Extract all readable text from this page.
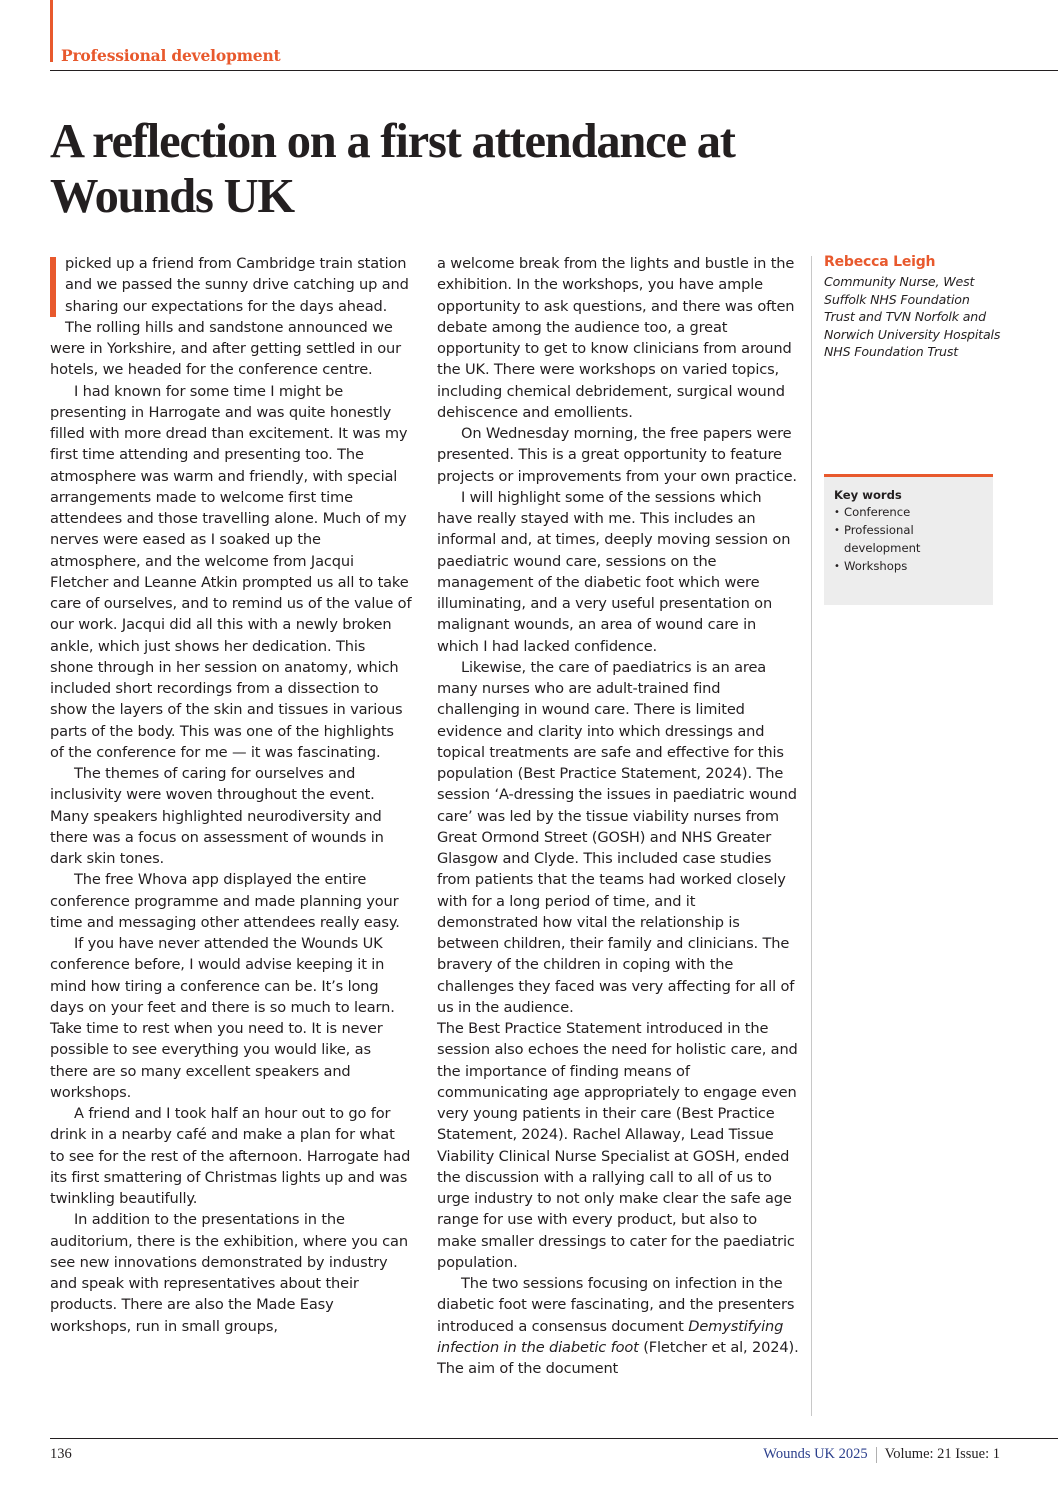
Professional development
A reflection on a first attendance at Wounds UK

picked up a friend from Cambridge train station and we passed the sunny drive catching up and sharing our expectations for the days ahead. The rolling hills and sandstone announced we were in Yorkshire, and after getting settled in our hotels, we headed for the conference centre.

I had known for some time I might be presenting in Harrogate and was quite honestly filled with more dread than excitement. It was my first time attending and presenting too. The atmosphere was warm and friendly, with special arrangements made to welcome first time attendees and those travelling alone. Much of my nerves were eased as I soaked up the atmosphere, and the welcome from Jacqui Fletcher and Leanne Atkin prompted us all to take care of ourselves, and to remind us of the value of our work. Jacqui did all this with a newly broken ankle, which just shows her dedication. This shone through in her session on anatomy, which included short recordings from a dissection to show the layers of the skin and tissues in various parts of the body. This was one of the highlights of the conference for me — it was fascinating.

The themes of caring for ourselves and inclusivity were woven throughout the event. Many speakers highlighted neurodiversity and there was a focus on assessment of wounds in dark skin tones.

The free Whova app displayed the entire conference programme and made planning your time and messaging other attendees really easy.

If you have never attended the Wounds UK conference before, I would advise keeping it in mind how tiring a conference can be. It’s long days on your feet and there is so much to learn. Take time to rest when you need to. It is never possible to see everything you would like, as there are so many excellent speakers and workshops.

A friend and I took half an hour out to go for drink in a nearby café and make a plan for what to see for the rest of the afternoon. Harrogate had its first smattering of Christmas lights up and was twinkling beautifully.

In addition to the presentations in the auditorium, there is the exhibition, where you can see new innovations demonstrated by industry and speak with representatives about their products. There are also the Made Easy workshops, run in small groups,

a welcome break from the lights and bustle in the exhibition. In the workshops, you have ample opportunity to ask questions, and there was often debate among the audience too, a great opportunity to get to know clinicians from around the UK. There were workshops on varied topics, including chemical debridement, surgical wound dehiscence and emollients.

On Wednesday morning, the free papers were presented. This is a great opportunity to feature projects or improvements from your own practice.

I will highlight some of the sessions which have really stayed with me. This includes an informal and, at times, deeply moving session on paediatric wound care, sessions on the management of the diabetic foot which were illuminating, and a very useful presentation on malignant wounds, an area of wound care in which I had lacked confidence.

Likewise, the care of paediatrics is an area many nurses who are adult-trained find challenging in wound care. There is limited evidence and clarity into which dressings and topical treatments are safe and effective for this population (Best Practice Statement, 2024). The session ‘A-dressing the issues in paediatric wound care’ was led by the tissue viability nurses from Great Ormond Street (GOSH) and NHS Greater Glasgow and Clyde. This included case studies from patients that the teams had worked closely with for a long period of time, and it demonstrated how vital the relationship is between children, their family and clinicians. The bravery of the children in coping with the challenges they faced was very affecting for all of us in the audience.

The Best Practice Statement introduced in the session also echoes the need for holistic care, and the importance of finding means of communicating age appropriately to engage even very young patients in their care (Best Practice Statement, 2024). Rachel Allaway, Lead Tissue Viability Clinical Nurse Specialist at GOSH, ended the discussion with a rallying call to all of us to urge industry to not only make clear the safe age range for use with every product, but also to make smaller dressings to cater for the paediatric population.

The two sessions focusing on infection in the diabetic foot were fascinating, and the presenters introduced a consensus document Demystifying infection in the diabetic foot (Fletcher et al, 2024). The aim of the document

Rebecca Leigh

Community Nurse, West Suffolk NHS Foundation Trust and TVN Norfolk and Norwich University Hospitals NHS Foundation Trust

Key words

• Conference
• Professional development
• Workshops
136	Wounds UK 2025 Volume: 21 Issue: 1
